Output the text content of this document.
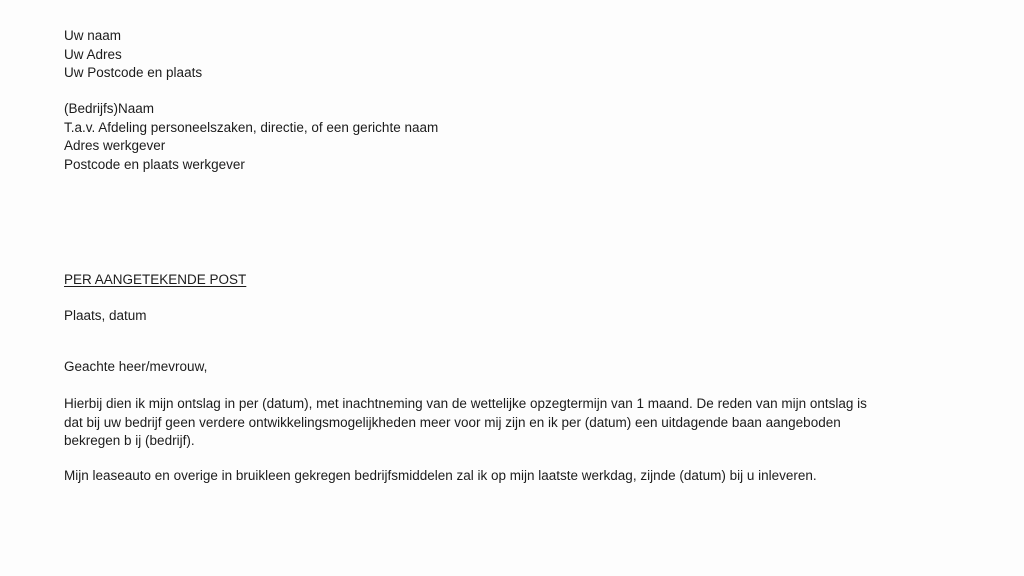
Uw naam
Uw Adres
Uw Postcode en plaats
(Bedrijfs)Naam
T.a.v. Afdeling personeelszaken, directie, of een gerichte naam
Adres werkgever
Postcode en plaats werkgever
PER AANGETEKENDE POST
Plaats, datum
Geachte heer/mevrouw,
Hierbij dien ik mijn ontslag in per (datum), met inachtneming van de wettelijke opzegtermijn van 1 maand. De reden van mijn ontslag is
dat bij uw bedrijf geen verdere ontwikkelingsmogelijkheden meer voor mij zijn en ik per (datum) een uitdagende baan aangeboden
bekregen b ij (bedrijf).
Mijn leaseauto en overige in bruikleen gekregen bedrijfsmiddelen zal ik op mijn laatste werkdag, zijnde (datum) bij u inleveren.
